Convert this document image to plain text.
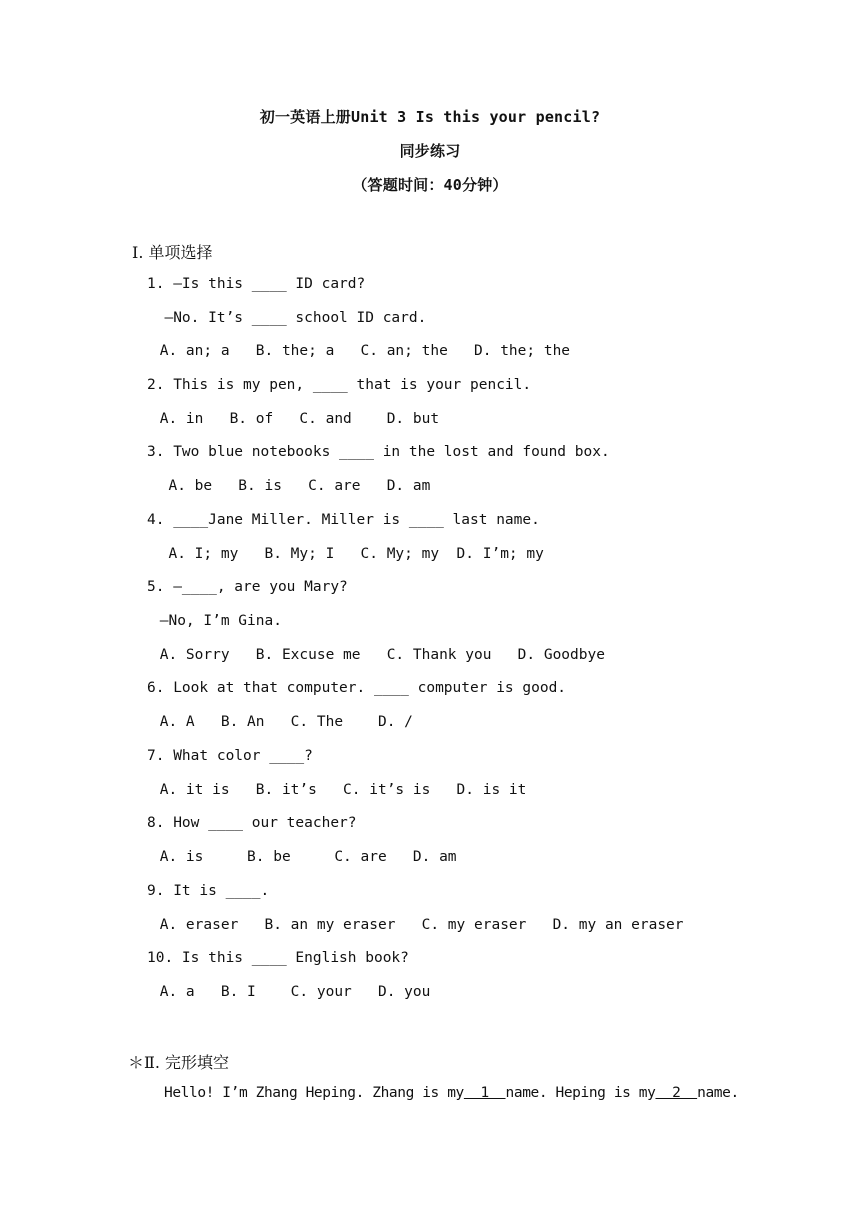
初一英语上册Unit 3 Is this your pencil?
同步练习
（答题时间：40分钟）
Ⅰ. 单项选择
1. —Is this ____ ID card?
—No. It’s ____ school ID card.
A. an; a   B. the; a   C. an; the   D. the; the
2. This is my pen, ____ that is your pencil.
A. in   B. of   C. and    D. but
3. Two blue notebooks ____ in the lost and found box.
A. be   B. is   C. are   D. am
4. ____Jane Miller. Miller is ____ last name.
A. I; my   B. My; I   C. My; my  D. I’m; my
5. —____, are you Mary?
—No, I’m Gina.
A. Sorry   B. Excuse me   C. Thank you   D. Goodbye
6. Look at that computer. ____ computer is good.
A. A   B. An   C. The    D. /
7. What color ____?
A. it is   B. it’s   C. it’s is   D. is it
8. How ____ our teacher?
A. is     B. be     C. are   D. am
9. It is ____.
A. eraser   B. an my eraser   C. my eraser   D. my an eraser
10. Is this ____ English book?
A. a   B. I    C. your   D. you
＊Ⅱ. 完形填空
Hello! I’m Zhang Heping. Zhang is my  1  name. Heping is my  2  name.
